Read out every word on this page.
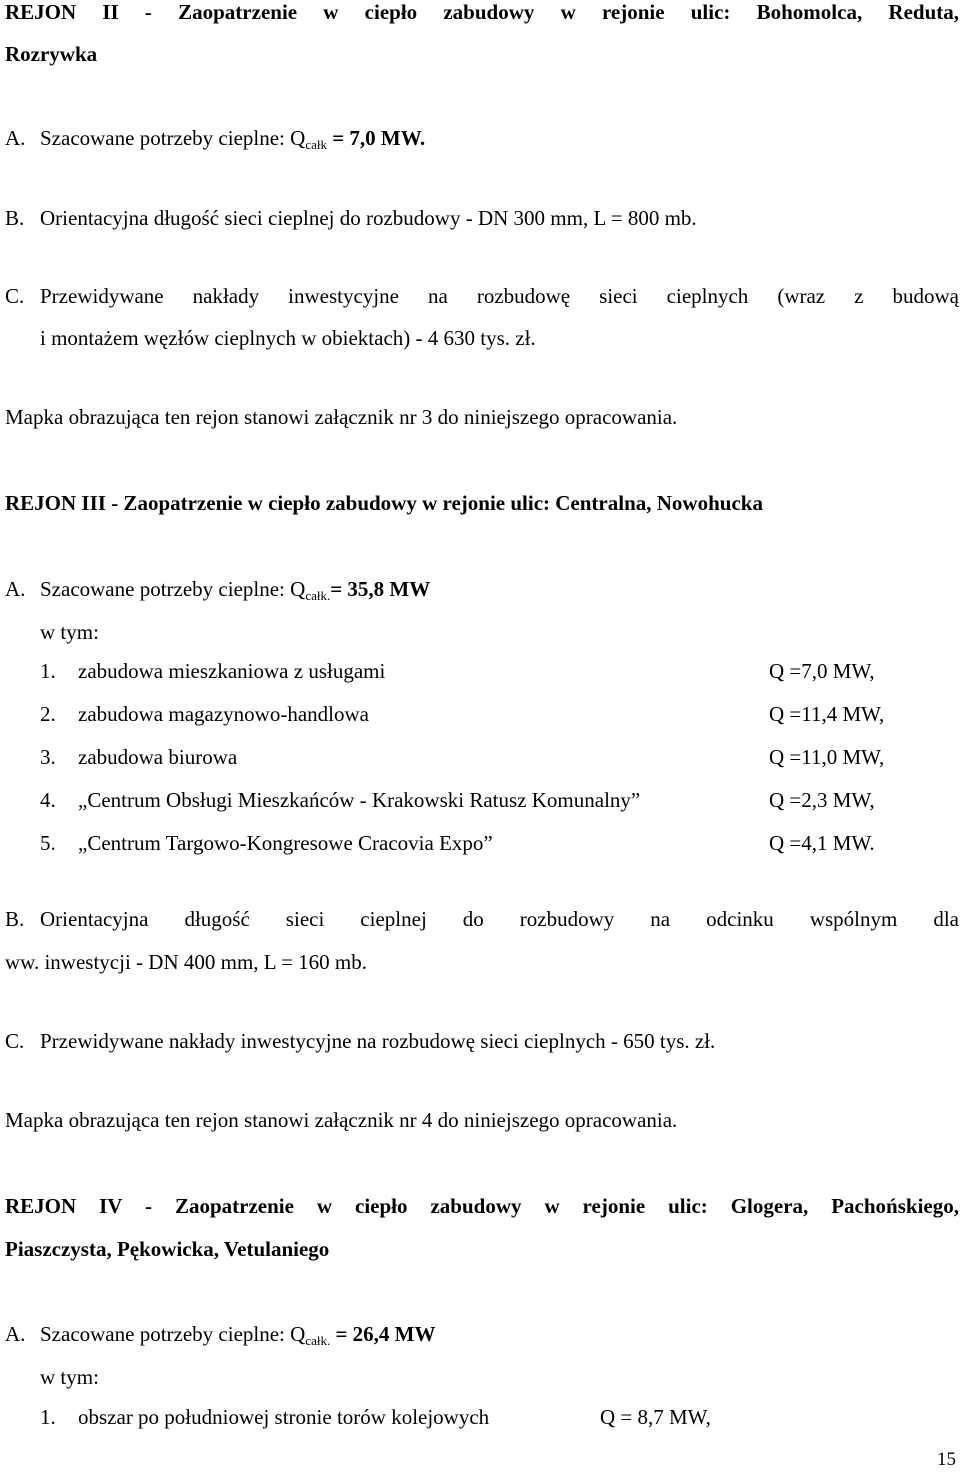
REJON II - Zaopatrzenie w ciepło zabudowy w rejonie ulic: Bohomolca, Reduta,
Rozrywka
A. Szacowane potrzeby cieplne: $Q_{całk} = 7,0$ MW.
B. Orientacyjna długość sieci cieplnej do rozbudowy - DN 300 mm, L = 800 mb.
C. Przewidywane nakłady inwestycyjne na rozbudowę sieci cieplnych (wraz z budową
i montażem węzłów cieplnych w obiektach) - 4 630 tys. zł.
Mapka obrazująca ten rejon stanowi załącznik nr 3 do niniejszego opracowania.
REJON III - Zaopatrzenie w ciepło zabudowy w rejonie ulic: Centralna, Nowohucka
A. Szacowane potrzeby cieplne: $Q_{całk.}= 35,8$ MW
w tym:
1. zabudowa mieszkaniowa z usługami	Q =7,0 MW,
2. zabudowa magazynowo-handlowa	Q =11,4 MW,
3. zabudowa biurowa	Q =11,0 MW,
4. „Centrum Obsługi Mieszkańców - Krakowski Ratusz Komunalny”	Q =2,3 MW,
5. „Centrum Targowo-Kongresowe Cracovia Expo”	Q =4,1 MW.
B. Orientacyjna długość sieci cieplnej do rozbudowy na odcinku wspólnym dla
ww. inwestycji - DN 400 mm, L = 160 mb.
C. Przewidywane nakłady inwestycyjne na rozbudowę sieci cieplnych - 650 tys. zł.
Mapka obrazująca ten rejon stanowi załącznik nr 4 do niniejszego opracowania.
REJON IV - Zaopatrzenie w ciepło zabudowy w rejonie ulic: Glogera, Pachońskiego,
Piaszczysta, Pękowicka, Vetulaniego
A. Szacowane potrzeby cieplne: $Q_{całk.} = 26,4$ MW
w tym:
1. obszar po południowej stronie torów kolejowych	Q = 8,7 MW,
15
